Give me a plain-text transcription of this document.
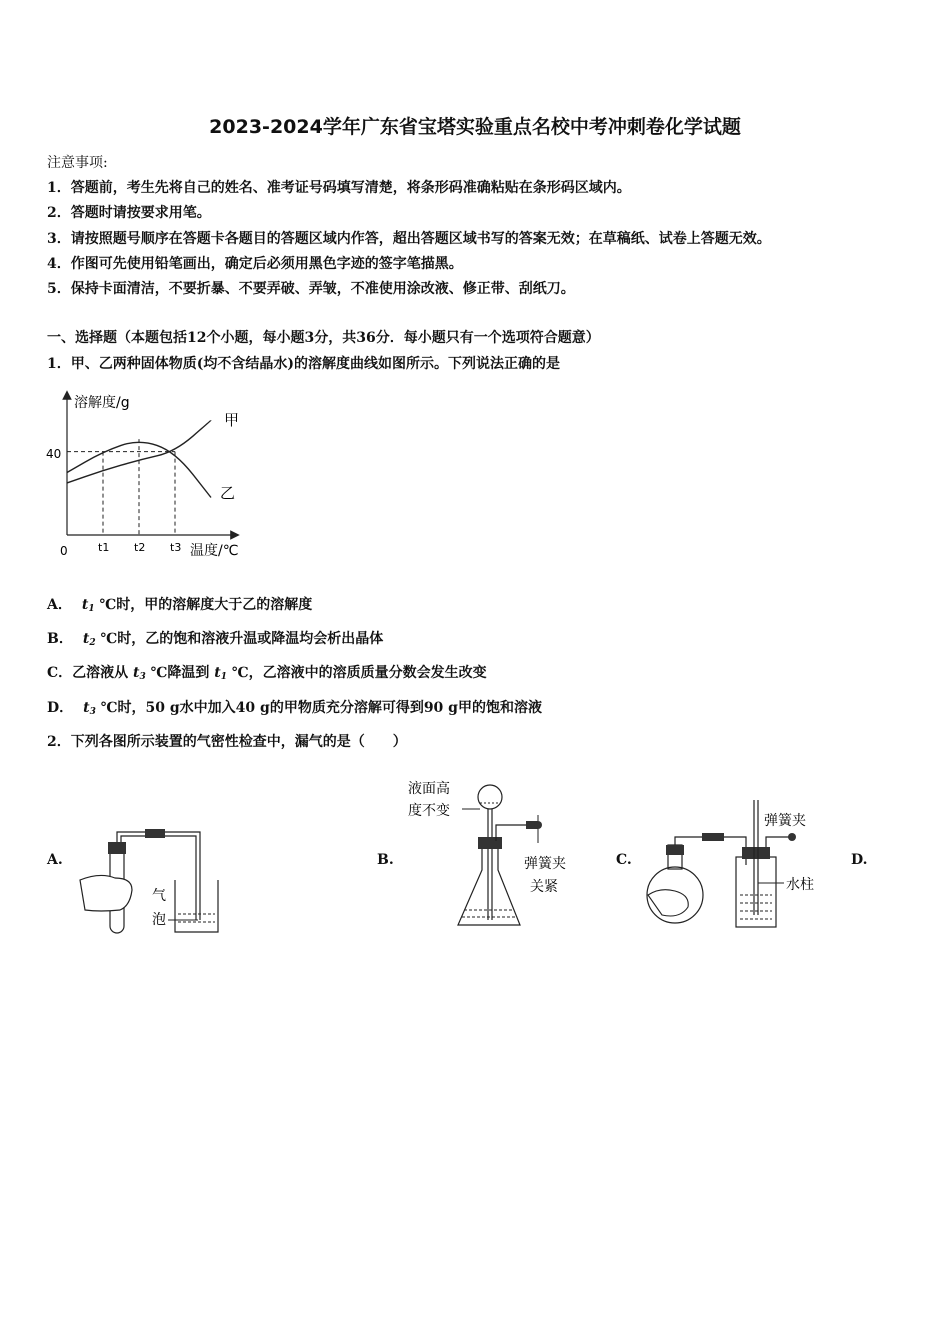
2023-2024学年广东省宝塔实验重点名校中考冲刺卷化学试题
注意事项:
1．答题前，考生先将自己的姓名、准考证号码填写清楚，将条形码准确粘贴在条形码区域内。
2．答题时请按要求用笔。
3．请按照题号顺序在答题卡各题目的答题区域内作答，超出答题区域书写的答案无效；在草稿纸、试卷上答题无效。
4．作图可先使用铅笔画出，确定后必须用黑色字迹的签字笔描黑。
5．保持卡面清洁，不要折暴、不要弄破、弄皱，不准使用涂改液、修正带、刮纸刀。
一、选择题（本题包括12个小题，每小题3分，共36分．每小题只有一个选项符合题意）
1．甲、乙两种固体物质(均不含结晶水)的溶解度曲线如图所示。下列说法正确的是
溶解度/g
温度/℃
0
40
t1 t2 t3
甲
乙
A． $t_1$ ℃时，甲的溶解度大于乙的溶解度
B． $t_2$ ℃时，乙的饱和溶液升温或降温均会析出晶体
C．乙溶液从 $t_3$ ℃降温到 $t_1$ ℃，乙溶液中的溶质质量分数会发生改变
D． $t_3$ ℃时，50 g水中加入40 g的甲物质充分溶解可得到90 g甲的饱和溶液
2．下列各图所示装置的气密性检查中，漏气的是（　　）
A.	B.	C.	D.
气
泡
液面高
度不变
弹簧夹
关紧
弹簧夹
水柱
